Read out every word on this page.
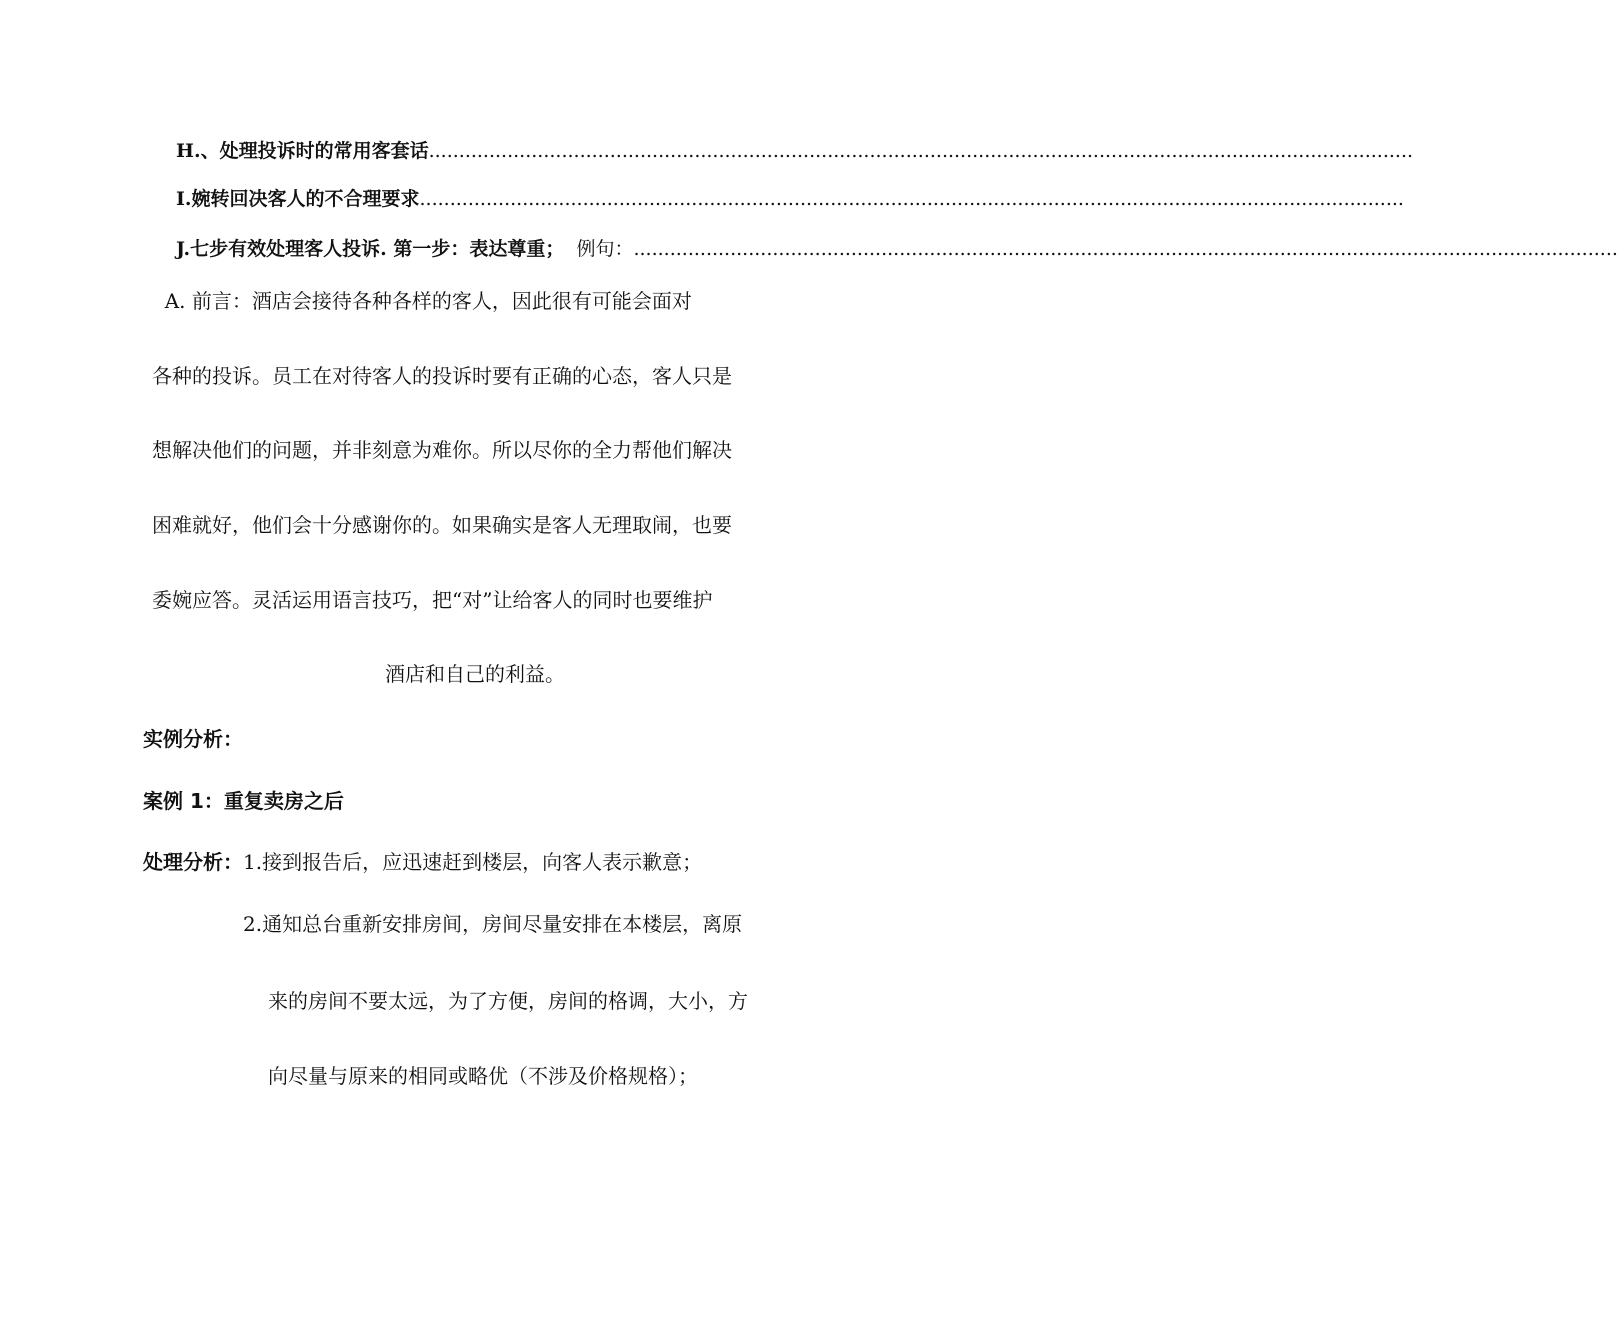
H.、处理投诉时的常用客套话...................................................................................................................................................................
I.婉转回决客人的不合理要求...................................................................................................................................................................
J.七步有效处理客人投诉. 第一步：表达尊重；  例句：...................................................................................................................................................................
A. 前言：酒店会接待各种各样的客人，因此很有可能会面对
各种的投诉。员工在对待客人的投诉时要有正确的心态，客人只是
想解决他们的问题，并非刻意为难你。所以尽你的全力帮他们解决
困难就好，他们会十分感谢你的。如果确实是客人无理取闹，也要
委婉应答。灵活运用语言技巧，把“对”让给客人的同时也要维护
酒店和自己的利益。
实例分析：
案例 1：重复卖房之后
处理分析：1.接到报告后，应迅速赶到楼层，向客人表示歉意；
2.通知总台重新安排房间，房间尽量安排在本楼层，离原
来的房间不要太远，为了方便，房间的格调，大小，方
向尽量与原来的相同或略优（不涉及价格规格）；
